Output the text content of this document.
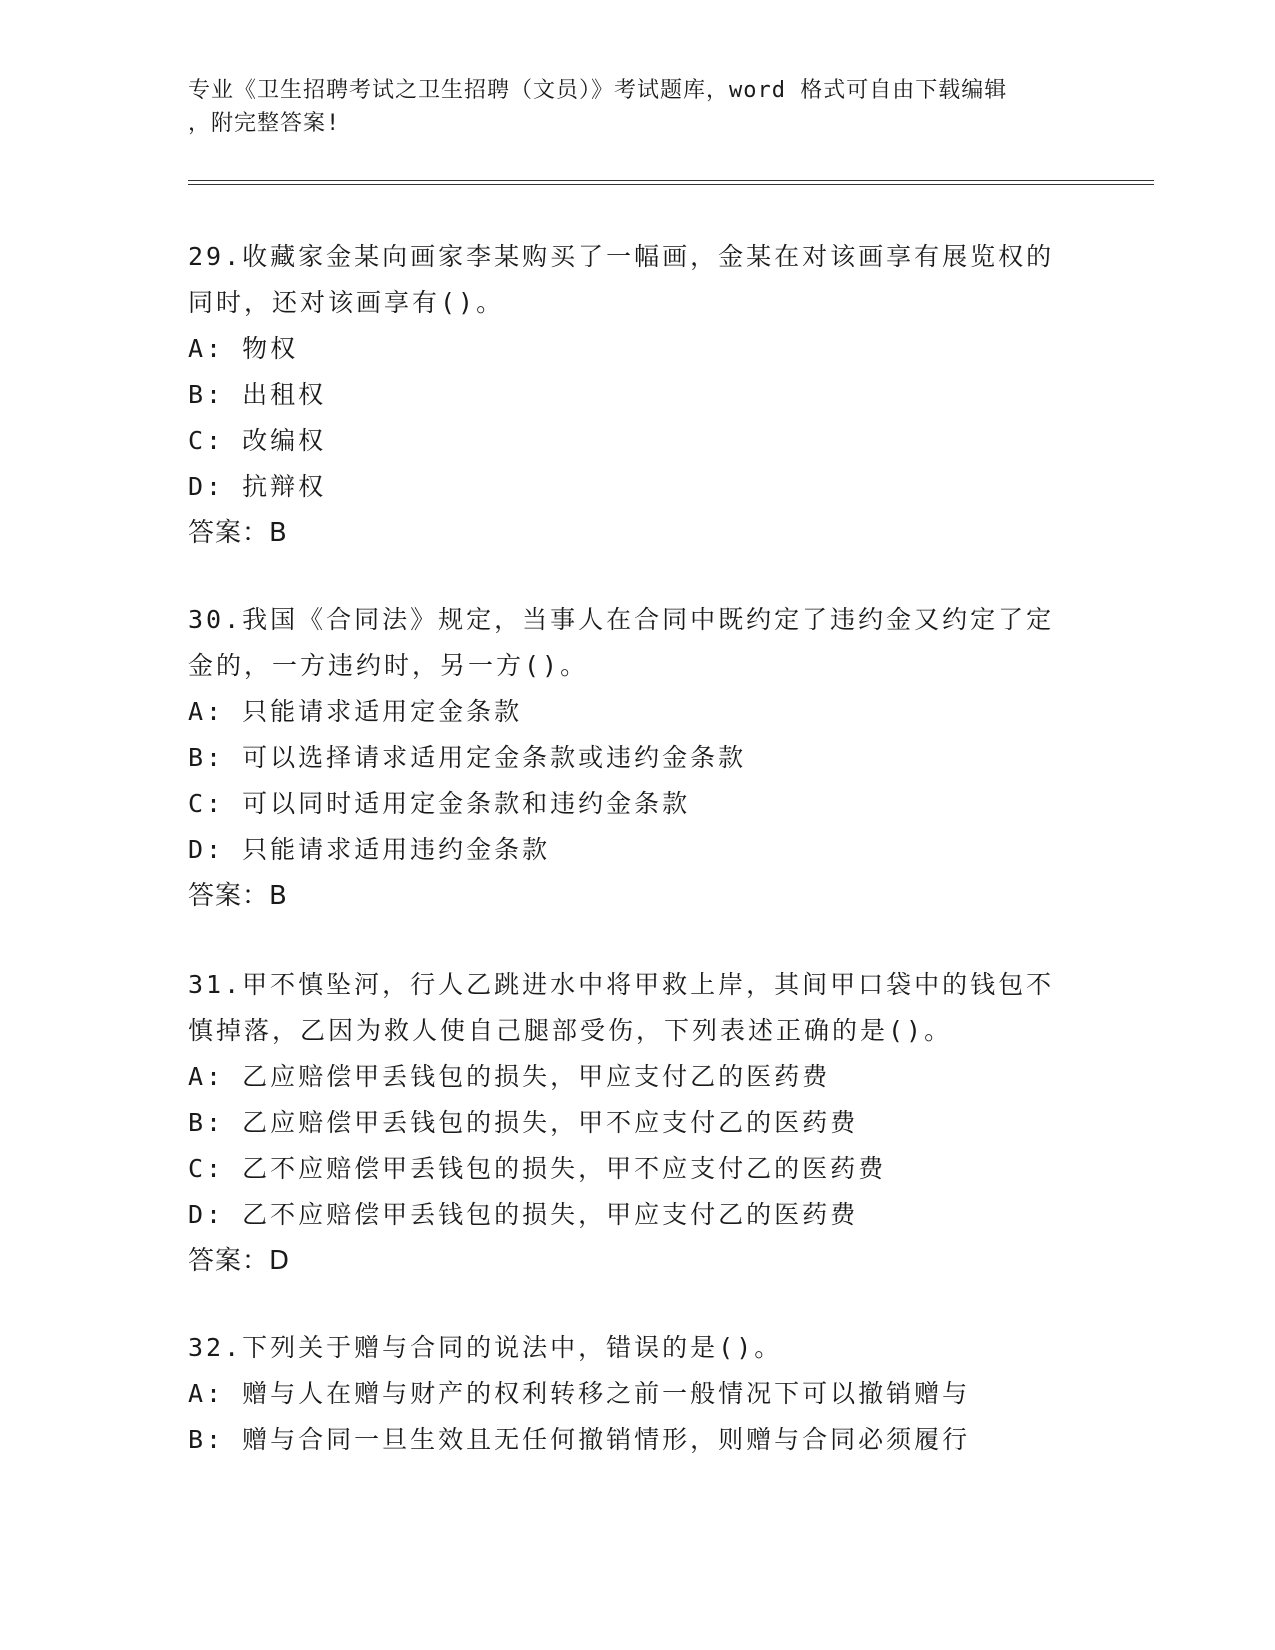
专业《卫生招聘考试之卫生招聘（文员）》考试题库，word 格式可自由下载编辑
，附完整答案!
29.收藏家金某向画家李某购买了一幅画，金某在对该画享有展览权的
同时，还对该画享有()。
A: 物权
B: 出租权
C: 改编权
D: 抗辩权
答案：B
30.我国《合同法》规定，当事人在合同中既约定了违约金又约定了定
金的，一方违约时，另一方()。
A: 只能请求适用定金条款
B: 可以选择请求适用定金条款或违约金条款
C: 可以同时适用定金条款和违约金条款
D: 只能请求适用违约金条款
答案：B
31.甲不慎坠河，行人乙跳进水中将甲救上岸，其间甲口袋中的钱包不
慎掉落，乙因为救人使自己腿部受伤，下列表述正确的是()。
A: 乙应赔偿甲丢钱包的损失，甲应支付乙的医药费
B: 乙应赔偿甲丢钱包的损失，甲不应支付乙的医药费
C: 乙不应赔偿甲丢钱包的损失，甲不应支付乙的医药费
D: 乙不应赔偿甲丢钱包的损失，甲应支付乙的医药费
答案：D
32.下列关于赠与合同的说法中，错误的是()。
A: 赠与人在赠与财产的权利转移之前一般情况下可以撤销赠与
B: 赠与合同一旦生效且无任何撤销情形，则赠与合同必须履行
